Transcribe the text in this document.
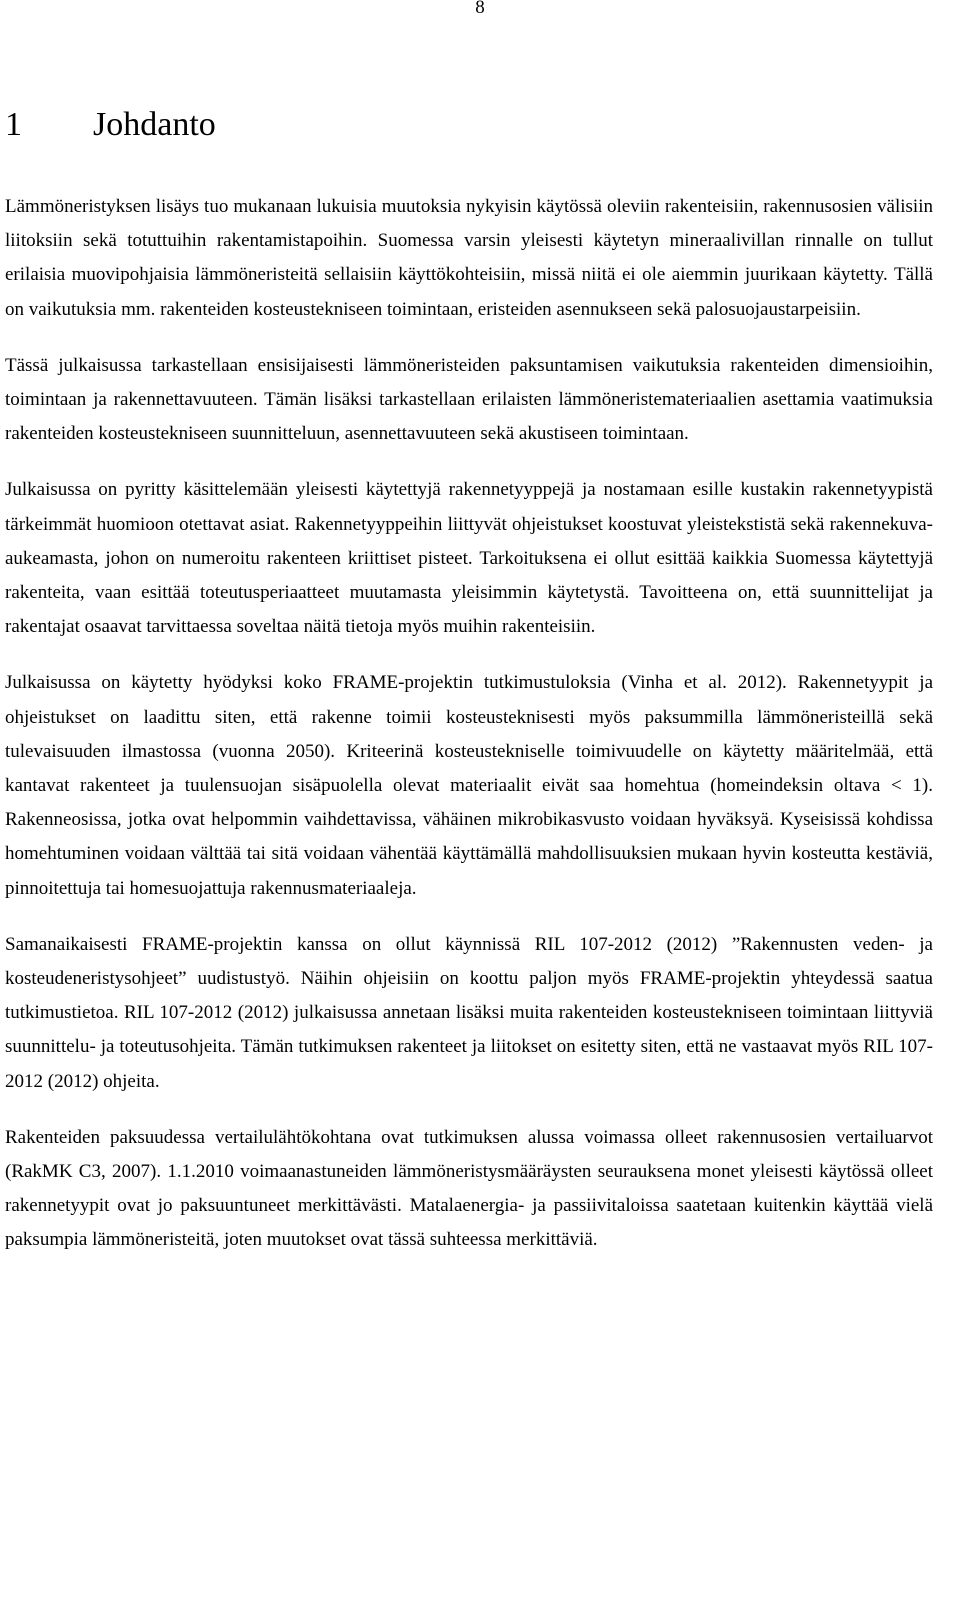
8
1 Johdanto

Lämmöneristyksen lisäys tuo mukanaan lukuisia muutoksia nykyisin käytössä oleviin rakenteisiin, rakennusosien välisiin liitoksiin sekä totuttuihin rakentamistapoihin. Suomessa varsin yleisesti käytetyn mineraalivillan rinnalle on tullut erilaisia muovipohjaisia lämmöneristeitä sellaisiin käyttökohteisiin, missä niitä ei ole aiemmin juurikaan käytetty. Tällä on vaikutuksia mm. rakenteiden kosteustekniseen toimintaan, eristeiden asennukseen sekä palosuojaustarpeisiin.

Tässä julkaisussa tarkastellaan ensisijaisesti lämmöneristeiden paksuntamisen vaikutuksia rakenteiden dimensioihin, toimintaan ja rakennettavuuteen. Tämän lisäksi tarkastellaan erilaisten lämmöneristemateriaalien asettamia vaatimuksia rakenteiden kosteustekniseen suunnitteluun, asennettavuuteen sekä akustiseen toimintaan.

Julkaisussa on pyritty käsittelemään yleisesti käytettyjä rakennetyyppejä ja nostamaan esille kustakin rakennetyypistä tärkeimmät huomioon otettavat asiat. Rakennetyyppeihin liittyvät ohjeistukset koostuvat yleistekstistä sekä rakennekuva-aukeamasta, johon on numeroitu rakenteen kriittiset pisteet. Tarkoituksena ei ollut esittää kaikkia Suomessa käytettyjä rakenteita, vaan esittää toteutusperiaatteet muutamasta yleisimmin käytetystä. Tavoitteena on, että suunnittelijat ja rakentajat osaavat tarvittaessa soveltaa näitä tietoja myös muihin rakenteisiin.

Julkaisussa on käytetty hyödyksi koko FRAME-projektin tutkimustuloksia (Vinha et al. 2012). Rakennetyypit ja ohjeistukset on laadittu siten, että rakenne toimii kosteusteknisesti myös paksummilla lämmöneristeillä sekä tulevaisuuden ilmastossa (vuonna 2050). Kriteerinä kosteustekniselle toimivuudelle on käytetty määritelmää, että kantavat rakenteet ja tuulensuojan sisäpuolella olevat materiaalit eivät saa homehtua (homeindeksin oltava < 1). Rakenneosissa, jotka ovat helpommin vaihdettavissa, vähäinen mikrobikasvusto voidaan hyväksyä. Kyseisissä kohdissa homehtuminen voidaan välttää tai sitä voidaan vähentää käyttämällä mahdollisuuksien mukaan hyvin kosteutta kestäviä, pinnoitettuja tai homesuojattuja rakennusmateriaaleja.

Samanaikaisesti FRAME-projektin kanssa on ollut käynnissä RIL 107-2012 (2012) ”Rakennusten veden- ja kosteudeneristysohjeet” uudistustyö. Näihin ohjeisiin on koottu paljon myös FRAME-projektin yhteydessä saatua tutkimustietoa. RIL 107-2012 (2012) julkaisussa annetaan lisäksi muita rakenteiden kosteustekniseen toimintaan liittyviä suunnittelu- ja toteutusohjeita. Tämän tutkimuksen rakenteet ja liitokset on esitetty siten, että ne vastaavat myös RIL 107-2012 (2012) ohjeita.

Rakenteiden paksuudessa vertailulähtökohtana ovat tutkimuksen alussa voimassa olleet rakennusosien vertailuarvot (RakMK C3, 2007). 1.1.2010 voimaanastuneiden lämmöneristysmääräysten seurauksena monet yleisesti käytössä olleet rakennetyypit ovat jo paksuuntuneet merkittävästi. Matalaenergia- ja passiivitaloissa saatetaan kuitenkin käyttää vielä paksumpia lämmöneristeitä, joten muutokset ovat tässä suhteessa merkittäviä.
